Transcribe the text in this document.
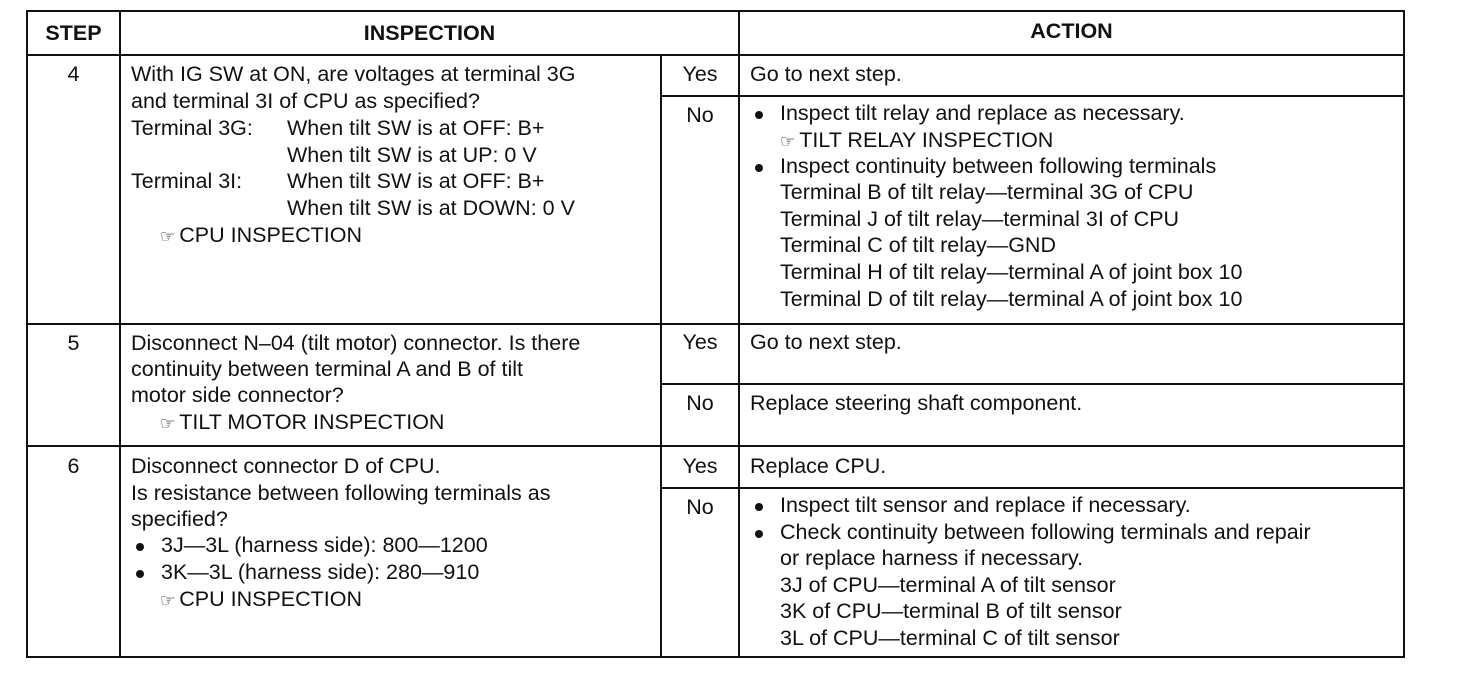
STEP	INSPECTION	ACTION
4	With IG SW at ON, are voltages at terminal 3G
and terminal 3I of CPU as specified?
Terminal 3G: When tilt SW is at OFF: B+
When tilt SW is at UP: 0 V
Terminal 3I: When tilt SW is at OFF: B+
When tilt SW is at DOWN: 0 V
☞ CPU INSPECTION
Yes	Go to next step.
No	Inspect tilt relay and replace as necessary.
☞ TILT RELAY INSPECTION
Inspect continuity between following terminals
Terminal B of tilt relay—terminal 3G of CPU
Terminal J of tilt relay—terminal 3I of CPU
Terminal C of tilt relay—GND
Terminal H of tilt relay—terminal A of joint box 10
Terminal D of tilt relay—terminal A of joint box 10
5	Disconnect N–04 (tilt motor) connector. Is there
continuity between terminal A and B of tilt
motor side connector?
☞ TILT MOTOR INSPECTION
Yes	Go to next step.
No	Replace steering shaft component.
6	Disconnect connector D of CPU.
Is resistance between following terminals as
specified?
3J—3L (harness side): 800—1200
3K—3L (harness side): 280—910
☞ CPU INSPECTION
Yes	Replace CPU.
No	Inspect tilt sensor and replace if necessary.
Check continuity between following terminals and repair
or replace harness if necessary.
3J of CPU—terminal A of tilt sensor
3K of CPU—terminal B of tilt sensor
3L of CPU—terminal C of tilt sensor
